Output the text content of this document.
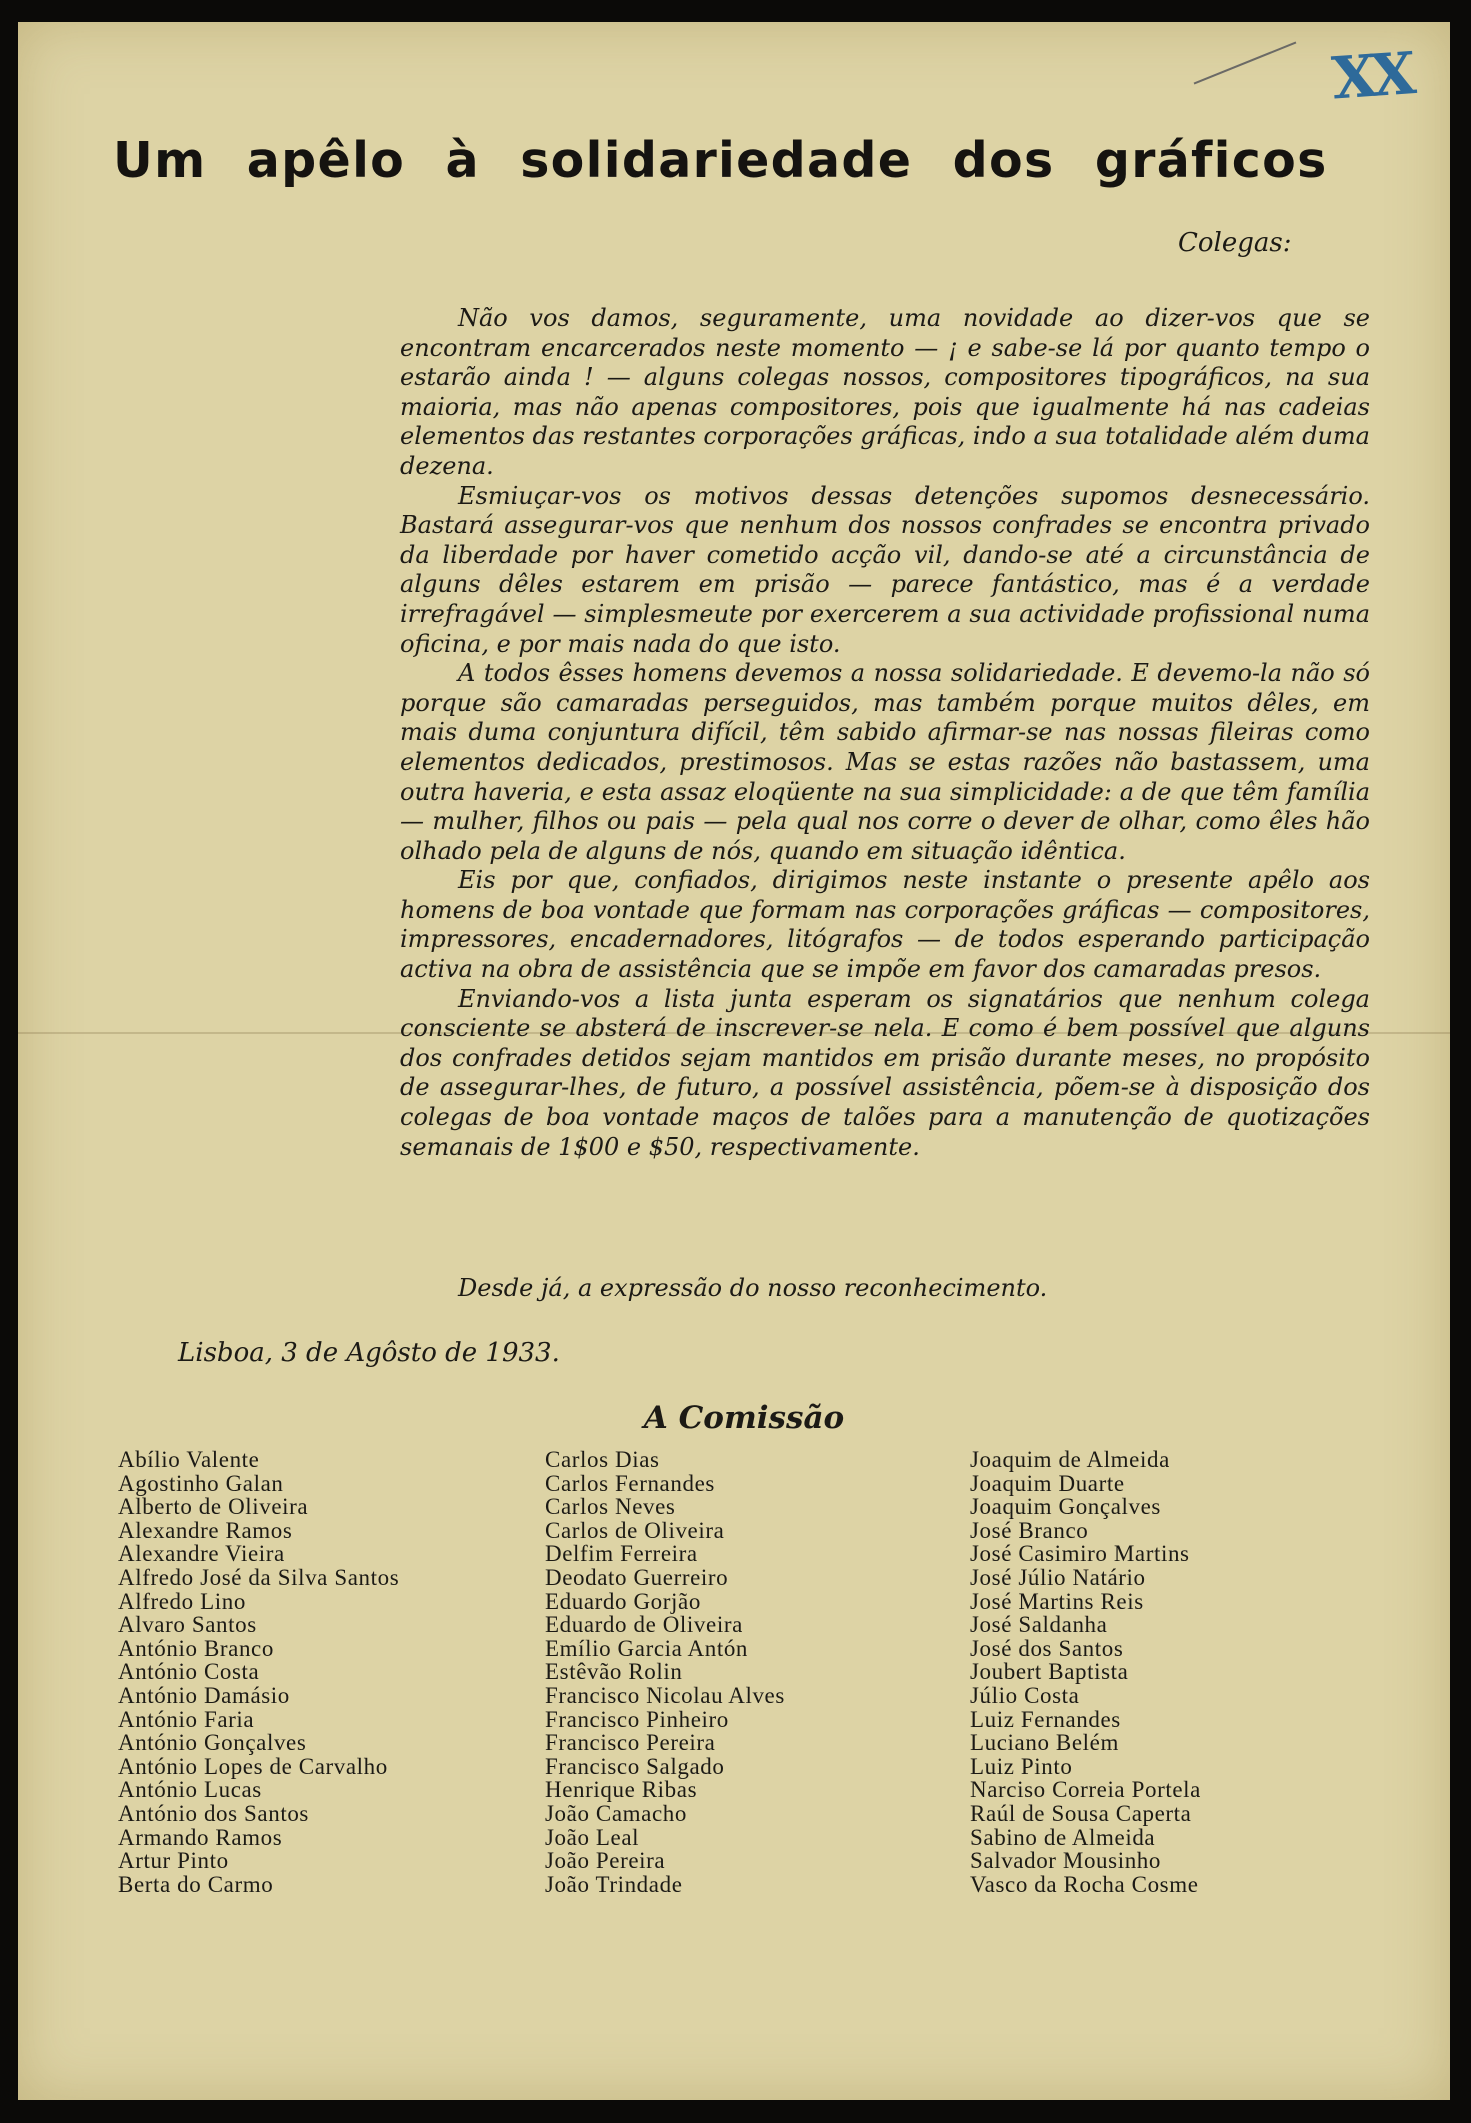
XX
Um apêlo à solidariedade dos gráficos
Colegas:

Não vos damos, seguramente, uma novidade ao dizer-vos que se encontram encarcerados neste momento — ¡ e sabe-se lá por quanto tempo o estarão ainda ! — alguns colegas nossos, compositores tipográficos, na sua maioria, mas não apenas compositores, pois que igualmente há nas cadeias elementos das restantes corporações gráficas, indo a sua totalidade além duma dezena.

Esmiuçar-vos os motivos dessas detenções supomos desnecessário. Bastará assegurar-vos que nenhum dos nossos confrades se encontra privado da liberdade por haver cometido acção vil, dando-se até a circunstância de alguns dêles estarem em prisão — parece fantástico, mas é a verdade irrefragável — simplesmeute por exercerem a sua actividade profissional numa oficina, e por mais nada do que isto.

A todos êsses homens devemos a nossa solidariedade. E devemo-la não só porque são camaradas perseguidos, mas também porque muitos dêles, em mais duma conjuntura difícil, têm sabido afirmar-se nas nossas fileiras como elementos dedicados, prestimosos. Mas se estas razões não bastassem, uma outra haveria, e esta assaz eloqüente na sua simplicidade: a de que têm família — mulher, filhos ou pais — pela qual nos corre o dever de olhar, como êles hão olhado pela de alguns de nós, quando em situação idêntica.

Eis por que, confiados, dirigimos neste instante o presente apêlo aos homens de boa vontade que formam nas corporações gráficas — compositores, impressores, encadernadores, litógrafos — de todos esperando participação activa na obra de assistência que se impõe em favor dos camaradas presos.

Enviando-vos a lista junta esperam os signatários que nenhum colega consciente se absterá de inscrever-se nela. E como é bem possível que alguns dos confrades detidos sejam mantidos em prisão durante meses, no propósito de assegurar-lhes, de futuro, a possível assistência, põem-se à disposição dos colegas de boa vontade maços de talões para a manutenção de quotizações semanais de 1$00 e $50, respectivamente.

Desde já, a expressão do nosso reconhecimento.
Lisboa, 3 de Agôsto de 1933.
A Comissão
Abílio Valente
Agostinho Galan
Alberto de Oliveira
Alexandre Ramos
Alexandre Vieira
Alfredo José da Silva Santos
Alfredo Lino
Alvaro Santos
António Branco
António Costa
António Damásio
António Faria
António Gonçalves
António Lopes de Carvalho
António Lucas
António dos Santos
Armando Ramos
Artur Pinto
Berta do Carmo
Carlos Dias
Carlos Fernandes
Carlos Neves
Carlos de Oliveira
Delfim Ferreira
Deodato Guerreiro
Eduardo Gorjão
Eduardo de Oliveira
Emílio Garcia Antón
Estêvão Rolin
Francisco Nicolau Alves
Francisco Pinheiro
Francisco Pereira
Francisco Salgado
Henrique Ribas
João Camacho
João Leal
João Pereira
João Trindade
Joaquim de Almeida
Joaquim Duarte
Joaquim Gonçalves
José Branco
José Casimiro Martins
José Júlio Natário
José Martins Reis
José Saldanha
José dos Santos
Joubert Baptista
Júlio Costa
Luiz Fernandes
Luciano Belém
Luiz Pinto
Narciso Correia Portela
Raúl de Sousa Caperta
Sabino de Almeida
Salvador Mousinho
Vasco da Rocha Cosme
